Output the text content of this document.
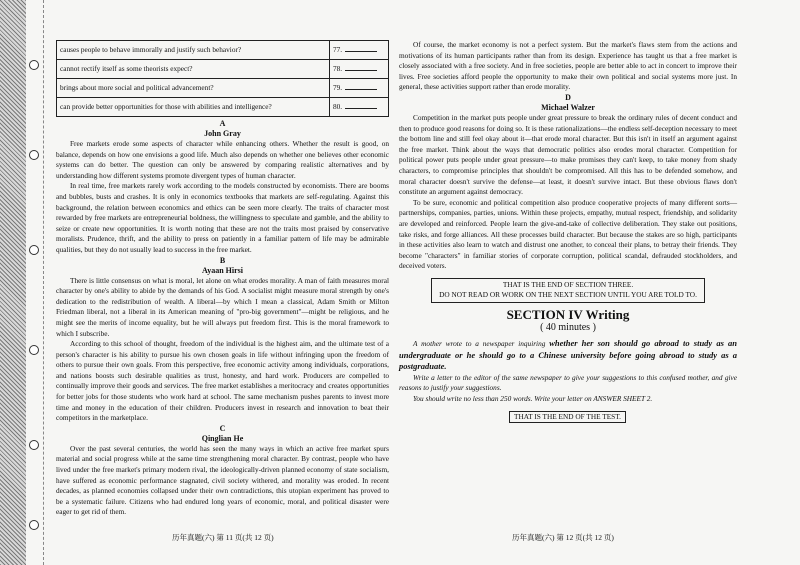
causes people to behave immorally and justify such behavior?	77.
cannot rectify itself as some theorists expect?	78.
brings about more social and political advancement?	79.
can provide better opportunities for those with abilities and intelligence?	80.
A
John Gray

Free markets erode some aspects of character while enhancing others. Whether the result is good, on balance, depends on how one envisions a good life. Much also depends on whether one believes other economic systems can do better. The question can only be answered by comparing realistic alternatives and by understanding how different systems promote divergent types of human character.

In real time, free markets rarely work according to the models constructed by economists. There are booms and bubbles, busts and crashes. It is only in economics textbooks that markets are self-regulating. Against this background, the relation between economics and ethics can be seen more clearly. The traits of character most rewarded by free markets are entrepreneurial boldness, the willingness to speculate and gamble, and the ability to seize or create new opportunities. It is worth noting that these are not the traits most praised by conservative moralists. Prudence, thrift, and the ability to press on patiently in a familiar pattern of life may be admirable qualities, but they do not usually lead to success in the free market.

B
Ayaan Hirsi

There is little consensus on what is moral, let alone on what erodes morality. A man of faith measures moral character by one's ability to abide by the demands of his God. A socialist might measure moral strength by one's dedication to the redistribution of wealth. A liberal—by which I mean a classical, Adam Smith or Milton Friedman liberal, not a liberal in its American meaning of "pro-big government"—might be religious, and he might see the merits of income equality, but he will always put freedom first. This is the moral framework to which I subscribe.

According to this school of thought, freedom of the individual is the highest aim, and the ultimate test of a person's character is his ability to pursue his own chosen goals in life without infringing upon the freedom of others to pursue their own goals. From this perspective, free economic activity among individuals, corporations, and nations boosts such desirable qualities as trust, honesty, and hard work. Producers are compelled to continually improve their goods and services. The free market establishes a meritocracy and creates opportunities for better jobs for those students who work hard at school. The same mechanism pushes parents to invest more time and money in the education of their children. Producers invest in research and innovation to beat their competitors in the marketplace.

C
Qinglian He

Over the past several centuries, the world has seen the many ways in which an active free market spurs material and social progress while at the same time strengthening moral character. By contrast, people who have lived under the free market's primary modern rival, the ideologically-driven planned economy of state socialism, have suffered as economic performance stagnated, civil society withered, and morality was eroded. In recent decades, as planned economies collapsed under their own contradictions, this utopian experiment has proved to be a systematic failure. Citizens who had endured long years of economic, moral, and political disaster were eager to get rid of them.

Of course, the market economy is not a perfect system. But the market's flaws stem from the actions and motivations of its human participants rather than from its design. Experience has taught us that a free market is closely associated with a free society. And in free societies, people are better able to act in concert to improve their lives. Free societies afford people the opportunity to make their own political and social systems more just. In general, these activities support rather than erode morality.

D
Michael Walzer

Competition in the market puts people under great pressure to break the ordinary rules of decent conduct and then to produce good reasons for doing so. It is these rationalizations—the endless self-deception necessary to meet the bottom line and still feel okay about it—that erode moral character. But this isn't in itself an argument against the free market. Think about the ways that democratic politics also erodes moral character. Competition for political power puts people under great pressure—to make promises they can't keep, to take money from shady characters, to compromise principles that shouldn't be compromised. All this has to be defended somehow, and moral character doesn't survive the defense—at least, it doesn't survive intact. But these obvious flaws don't constitute an argument against democracy.

To be sure, economic and political competition also produce cooperative projects of many different sorts—partnerships, companies, parties, unions. Within these projects, empathy, mutual respect, friendship, and solidarity are developed and reinforced. People learn the give-and-take of collective deliberation. They stake out positions, take risks, and forge alliances. All these processes build character. But because the stakes are so high, participants in these activities also learn to watch and distrust one another, to conceal their plans, to betray their friends. They become "characters" in familiar stories of corporate corruption, political scandal, defrauded stockholders, and deceived voters.

THAT IS THE END OF SECTION THREE.
DO NOT READ OR WORK ON THE NEXT SECTION UNTIL YOU ARE TOLD TO.
SECTION IV Writing
( 40 minutes )

A mother wrote to a newspaper inquiring whether her son should go abroad to study as an undergraduate or he should go to a Chinese university before going abroad to study as a postgraduate.

Write a letter to the editor of the same newspaper to give your suggestions to this confused mother, and give reasons to justify your suggestions.

You should write no less than 250 words. Write your letter on ANSWER SHEET 2.

THAT IS THE END OF THE TEST.
历年真题(六) 第 11 页(共 12 页)	历年真题(六) 第 12 页(共 12 页)
